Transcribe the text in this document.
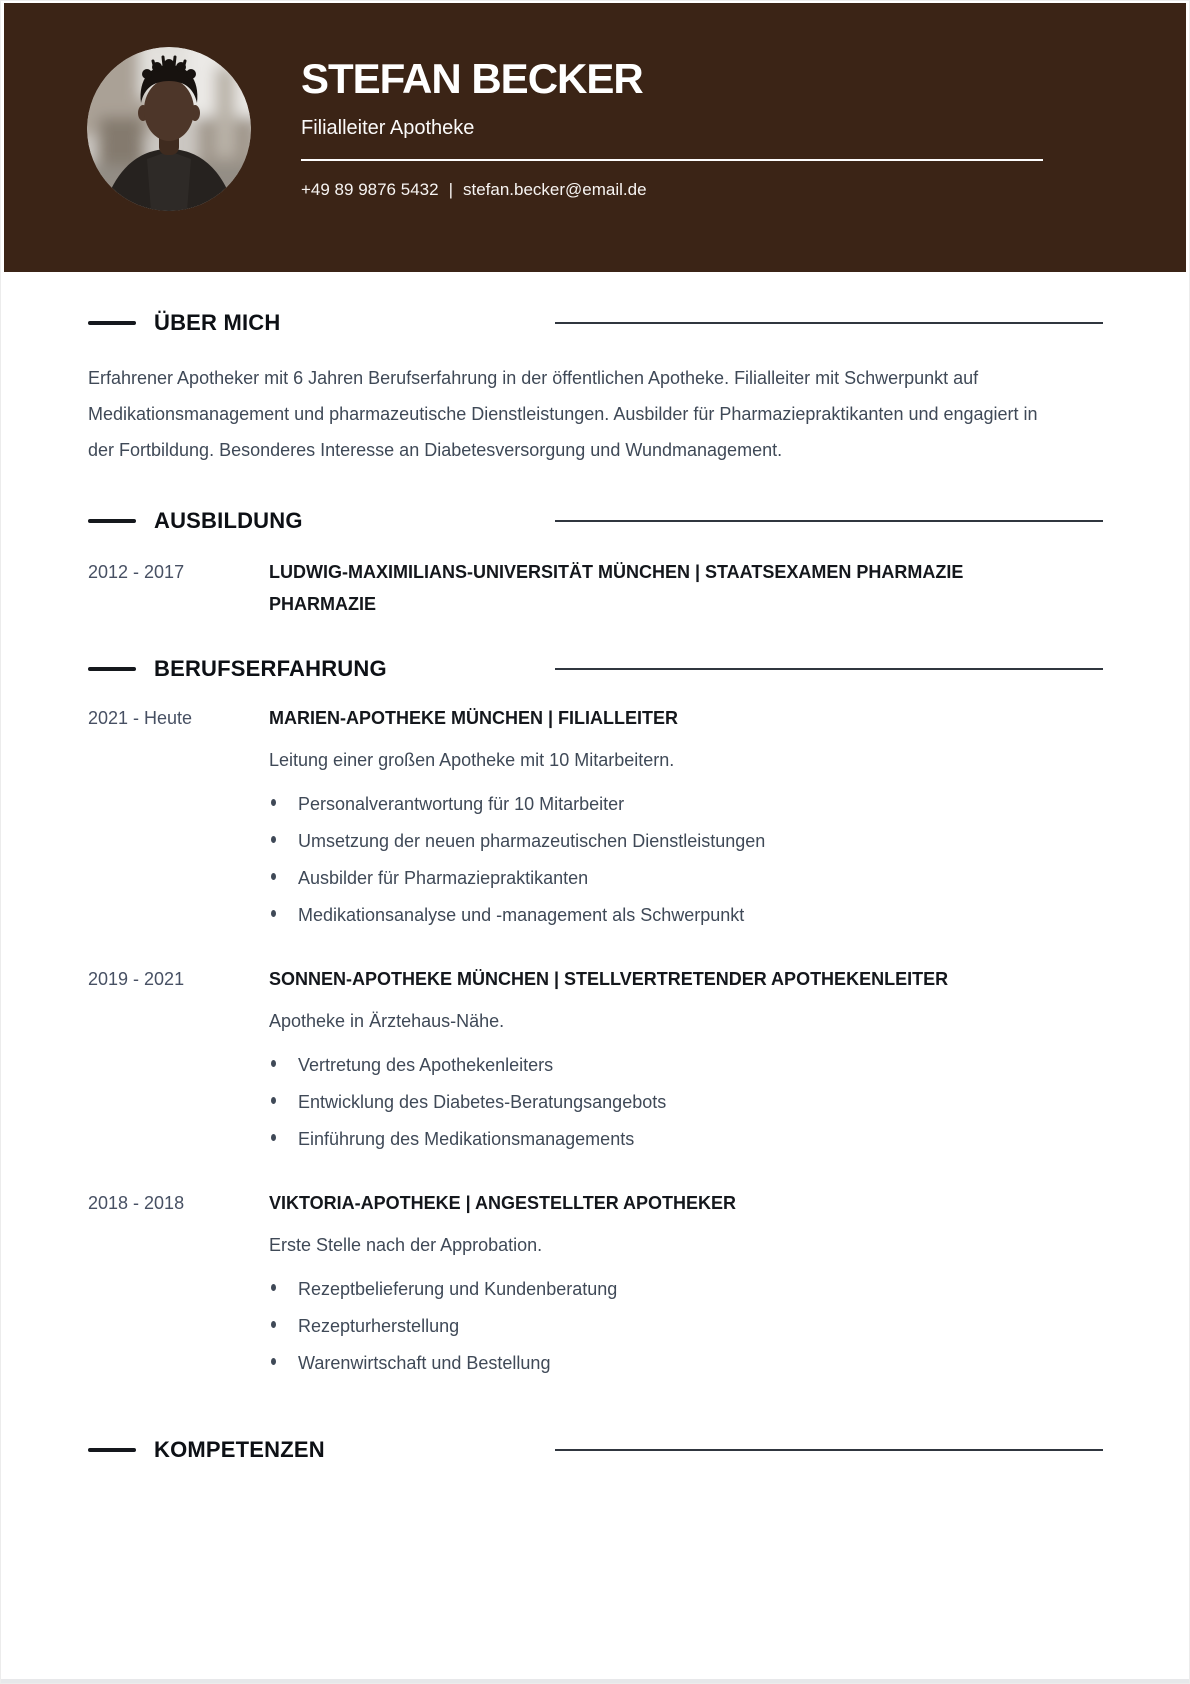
STEFAN BECKER
Filialleiter Apotheke
+49 89 9876 5432 | stefan.becker@email.de
ÜBER MICH

Erfahrener Apotheker mit 6 Jahren Berufserfahrung in der öffentlichen Apotheke. Filialleiter mit Schwerpunkt auf Medikationsmanagement und pharmazeutische Dienstleistungen. Ausbilder für Pharmaziepraktikanten und engagiert in der Fortbildung. Besonderes Interesse an Diabetesversorgung und Wundmanagement.

AUSBILDUNG
2012 - 2017	LUDWIG-MAXIMILIANS-UNIVERSITÄT MÜNCHEN | STAATSEXAMEN PHARMAZIE PHARMAZIE
BERUFSERFAHRUNG
2021 - Heute	MARIEN-APOTHEKE MÜNCHEN | FILIALLEITER
Leitung einer großen Apotheke mit 10 Mitarbeitern.
Personalverantwortung für 10 Mitarbeiter
Umsetzung der neuen pharmazeutischen Dienstleistungen
Ausbilder für Pharmaziepraktikanten
Medikationsanalyse und -management als Schwerpunkt
2019 - 2021	SONNEN-APOTHEKE MÜNCHEN | STELLVERTRETENDER APOTHEKENLEITER
Apotheke in Ärztehaus-Nähe.
Vertretung des Apothekenleiters
Entwicklung des Diabetes-Beratungsangebots
Einführung des Medikationsmanagements
2018 - 2018	VIKTORIA-APOTHEKE | ANGESTELLTER APOTHEKER
Erste Stelle nach der Approbation.
Rezeptbelieferung und Kundenberatung
Rezepturherstellung
Warenwirtschaft und Bestellung
KOMPETENZEN
